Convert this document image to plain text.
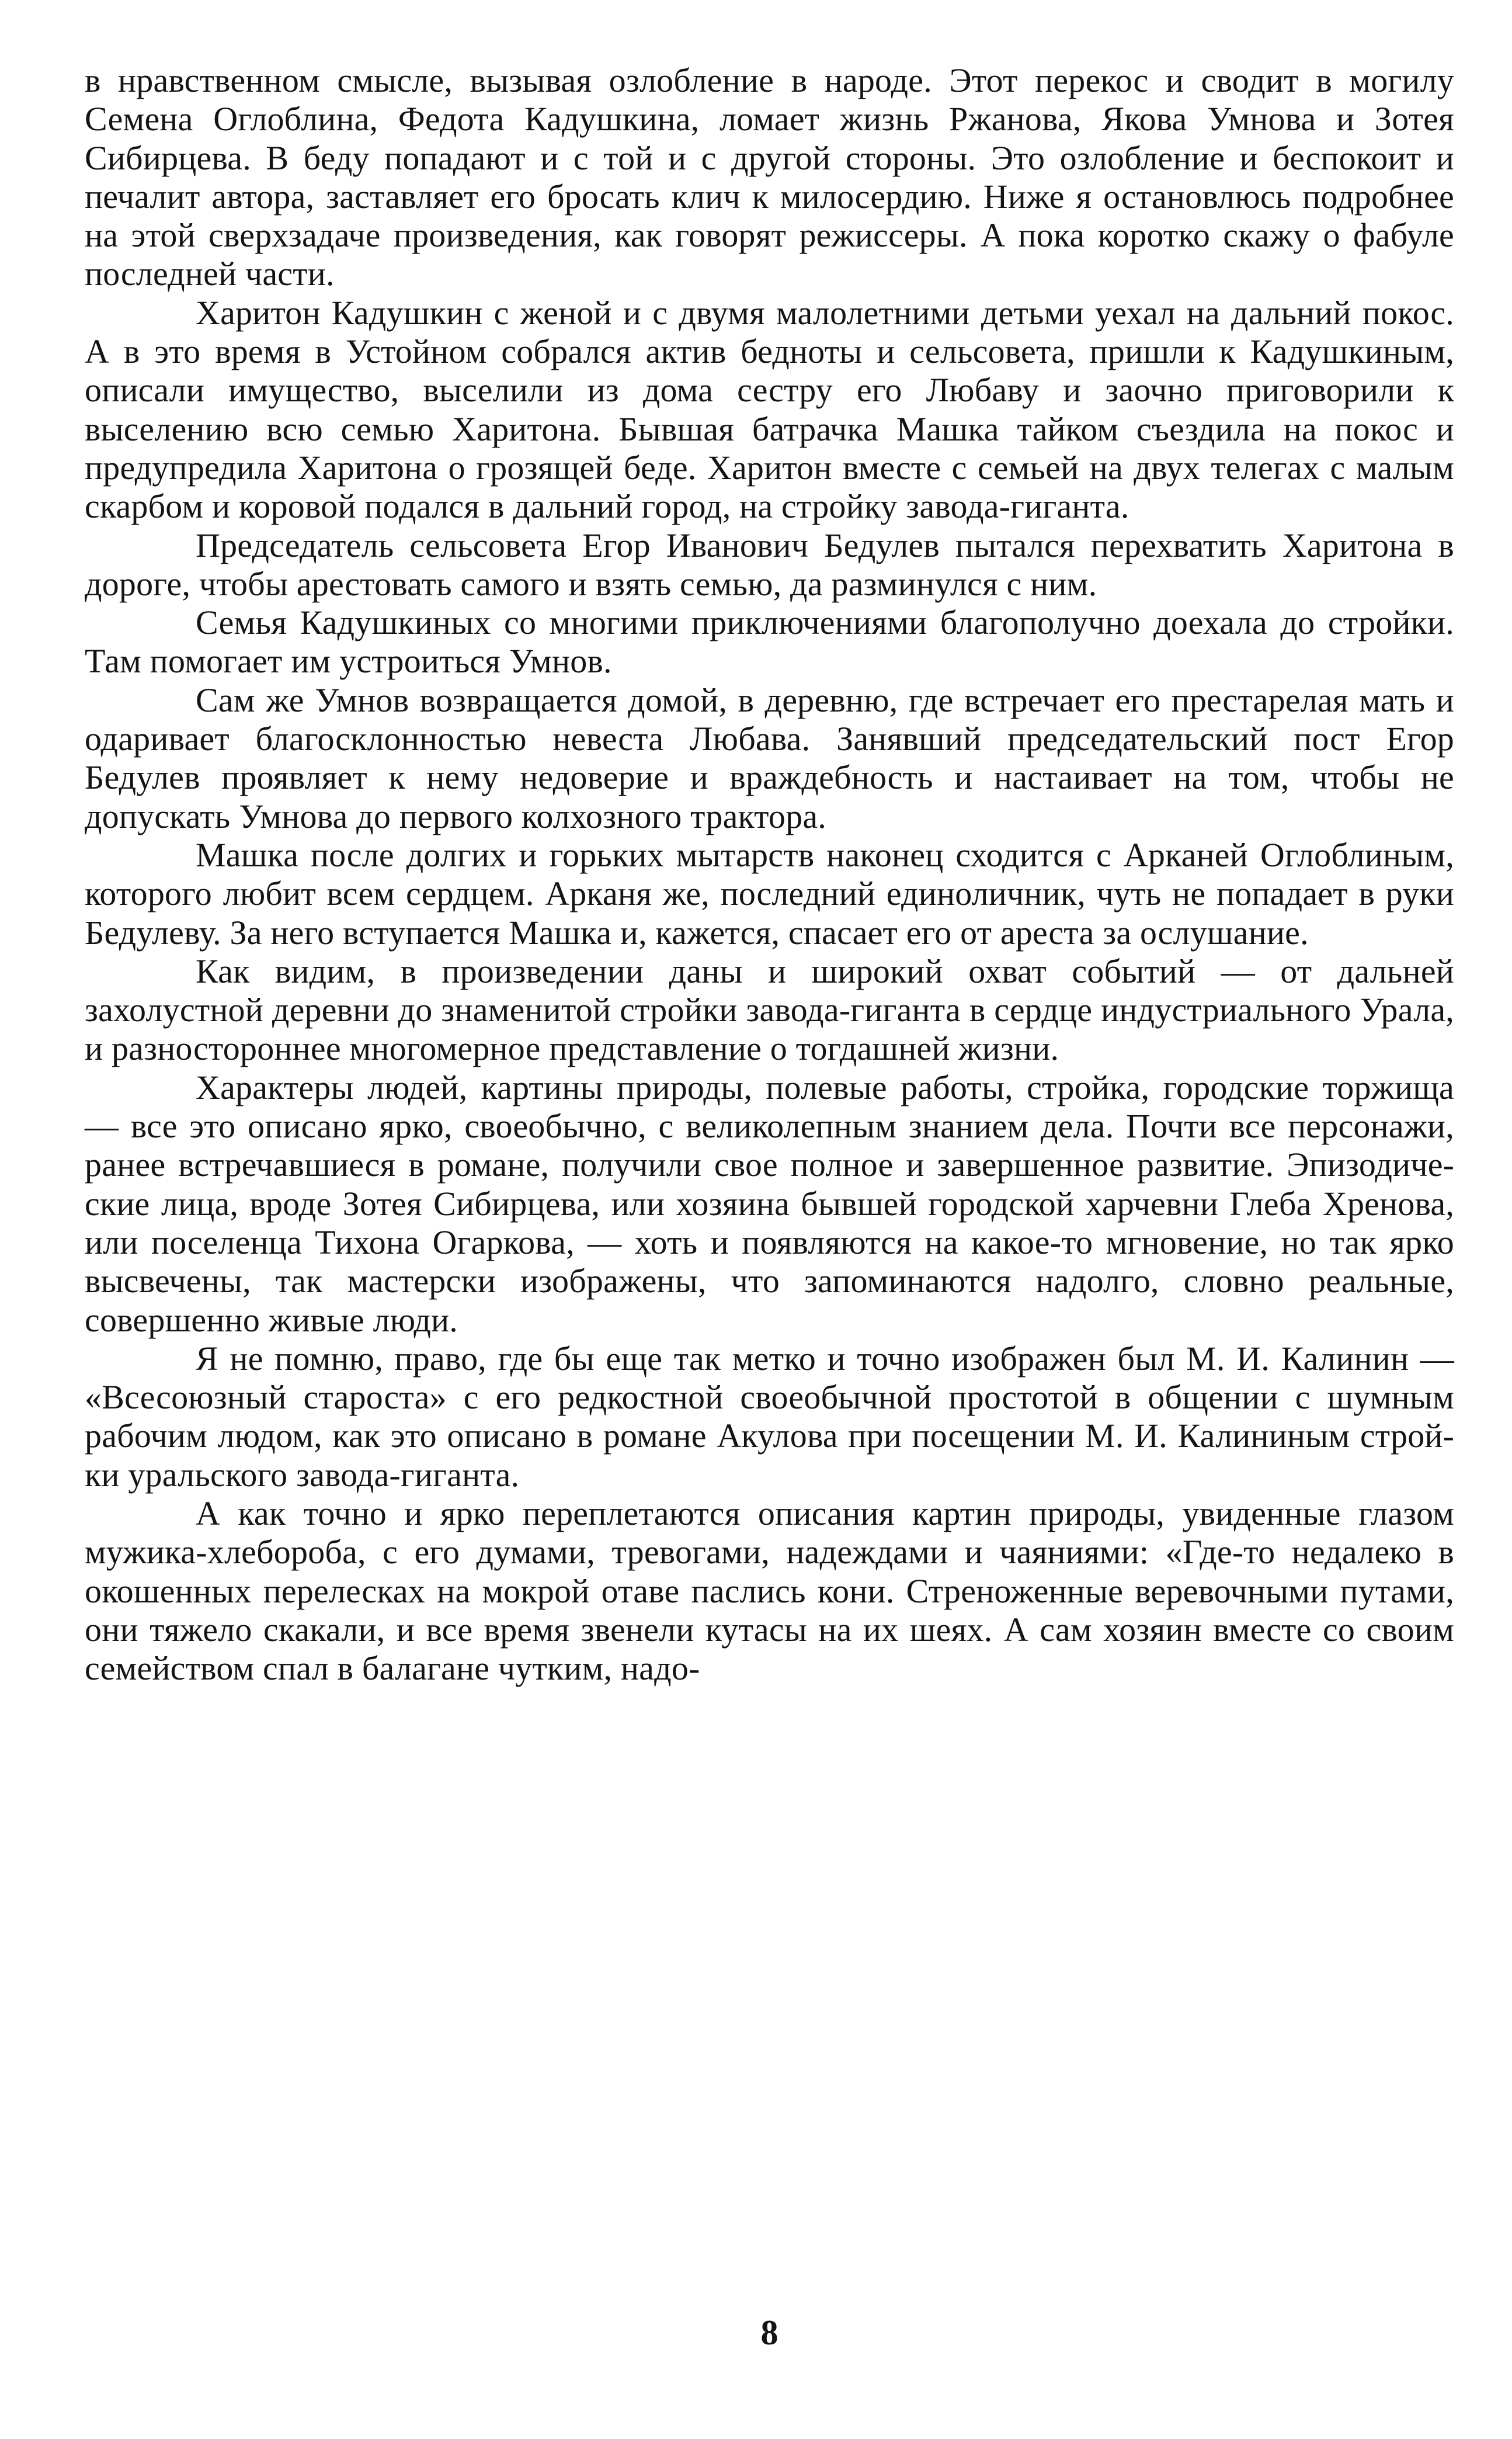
в нравственном смысле, вызывая озлобление в народе. Этот перекос и сводит в могилу Семена Оглоблина, Федота Кадушкина, ломает жизнь Ржанова, Якова Умнова и Зотея Сибирцева. В беду попадают и с той и с другой стороны. Это озлобление и беспокоит и печалит автора, заставляет его бросать клич к милосердию. Ниже я остановлюсь подробнее на этой сверхзадаче произведения, как говорят режиссеры. А пока коротко скажу о фабуле последней части.

Харитон Кадушкин с женой и с двумя малолетними детьми уехал на дальний покос. А в это время в Устойном собрался актив бедноты и сельсовета, пришли к Кадушкиным, описали имущество, выселили из дома сестру его Любаву и заочно приговорили к выселению всю семью Харитона. Бывшая батрачка Машка тайком съездила на покос и предупредила Харитона о грозящей беде. Харитон вместе с семьей на двух телегах с малым скарбом и коровой подался в дальний город, на стройку завода-гиганта.

Председатель сельсовета Егор Иванович Бедулев пытался перехватить Харитона в дороге, чтобы арестовать самого и взять семью, да разминулся с ним.

Семья Кадушкиных со многими приключениями благополучно доехала до стройки. Там помогает им устроиться Умнов.

Сам же Умнов возвращается домой, в деревню, где встречает его престарелая мать и одаривает благосклонностью невеста Любава. Занявший председательский пост Егор Бедулев проявляет к нему недоверие и враждебность и настаивает на том, чтобы не допускать Умнова до первого колхозного трактора.

Машка после долгих и горьких мытарств наконец сходится с Арканей Оглоблиным, которого любит всем сердцем. Арканя же, последний единоличник, чуть не попадает в руки Бедулеву. За него вступается Машка и, кажется, спасает его от ареста за ослушание.

Как видим, в произведении даны и широкий охват событий — от дальней захолустной деревни до знаменитой стройки завода-гиганта в сердце индустриального Урала, и разностороннее многомерное представление о тогдашней жизни.

Характеры людей, картины природы, полевые работы, стройка, городские торжища — все это описано ярко, своеобычно, с великолепным знанием дела. Почти все персонажи, ранее встречавшиеся в романе, получили свое полное и завершенное развитие. Эпизодические лица, вроде Зотея Сибирцева, или хозяина бывшей городской харчевни Глеба Хренова, или поселенца Тихона Огаркова, — хоть и появляются на какое-то мгновение, но так ярко высвечены, так мастерски изображены, что запоминаются надолго, словно реальные, совершенно живые люди.

Я не помню, право, где бы еще так метко и точно изображен был М. И. Калинин — «Всесоюзный староста» с его редкостной своеобычной простотой в общении с шумным рабочим людом, как это описано в романе Акулова при посещении М. И. Калининым стройки уральского завода-гиганта.

А как точно и ярко переплетаются описания картин природы, увиденные глазом мужика-хлебороба, с его думами, тревогами, надеждами и чаяниями: «Где-то недалеко в окошенных перелесках на мокрой отаве паслись кони. Стреноженные веревочными путами, они тяжело скакали, и все время звенели кутасы на их шеях. А сам хозяин вместе со своим семейством спал в балагане чутким, надо-

8
